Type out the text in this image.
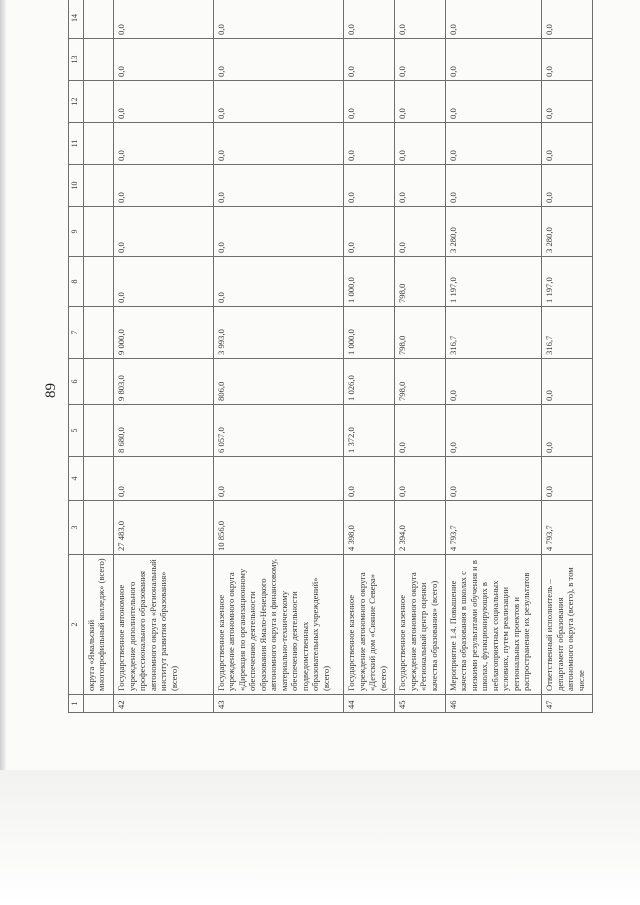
89
1	2	3	4	5	6	7	8	9	10	11	12	13	14
	округа «Ямальский многопрофильный колледж» (всего)												
42	Государственное автономное учреждение дополнительного профессионального образования автономного округа «Региональный институт развития образования» (всего)	27 483,0	0,0	8 680,0	9 803,0	9 000,0	0,0	0,0	0,0	0,0	0,0	0,0	0,0
43	Государственное казенное учреждение автономного округа «Дирекция по организационному обеспечению деятельности образования Ямало-Ненецкого автономного округа и финансовому, материально-техническому обеспечению деятельности подведомственных образовательных учреждений» (всего)	10 856,0	0,0	6 057,0	806,0	3 993,0	0,0	0,0	0,0	0,0	0,0	0,0	0,0
44	Государственное казенное учреждение автономного округа «Детский дом «Сияние Севера» (всего)	4 398,0	0,0	1 372,0	1 026,0	1 000,0	1 000,0	0,0	0,0	0,0	0,0	0,0	0,0
45	Государственное казенное учреждение автономного округа «Региональный центр оценки качества образования» (всего)	2 394,0	0,0	0,0	798,0	798,0	798,0	0,0	0,0	0,0	0,0	0,0	0,0
46	Мероприятие 1.4. Повышение качества образования в школах с низкими результатами обучения и в школах, функционирующих в неблагоприятных социальных условиях, путем реализации региональных проектов и распространение их результатов	4 793,7	0,0	0,0	0,0	316,7	1 197,0	3 280,0	0,0	0,0	0,0	0,0	0,0
47	Ответственный исполнитель – департамент образования автономного округа (всего), в том числе	4 793,7	0,0	0,0	0,0	316,7	1 197,0	3 280,0	0,0	0,0	0,0	0,0	0,0
